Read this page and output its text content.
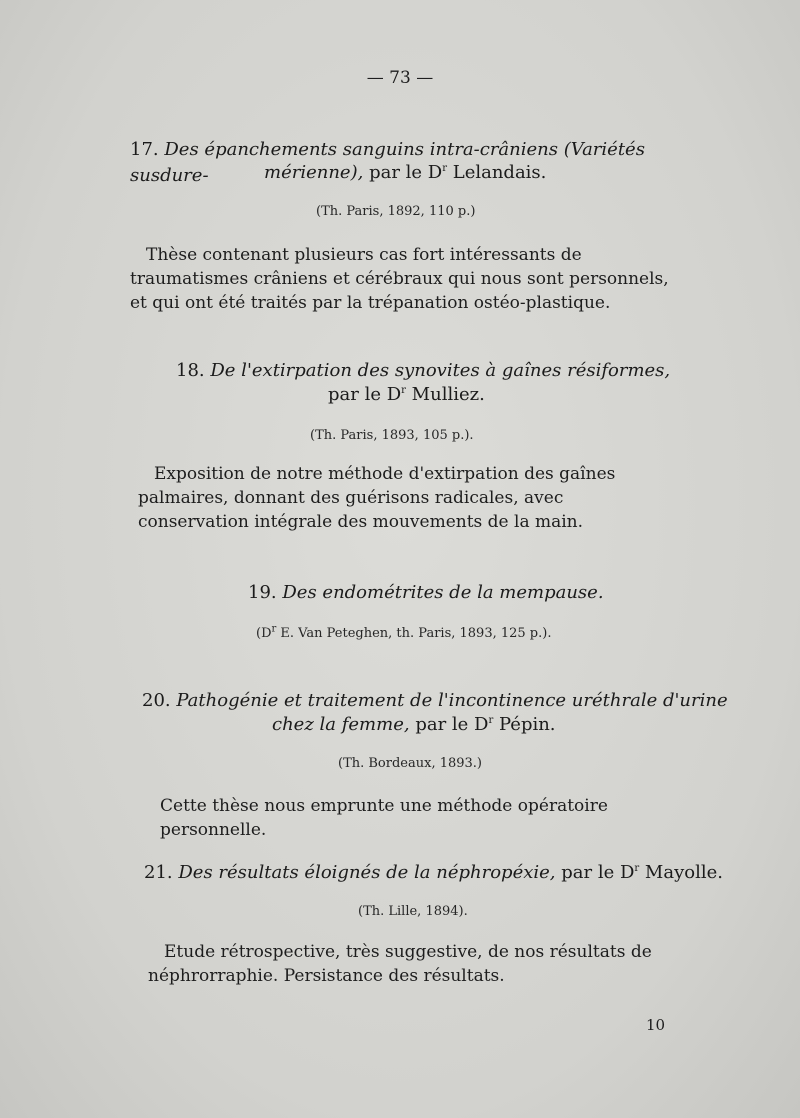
— 73 —
17. Des épanchements sanguins intra-crâniens (Variétés susdure-	mérienne), par le $D^r$ Lelandais.
(Th. Paris, 1892, 110 p.)
Thèse contenant plusieurs cas fort intéressants de traumatismes crâniens et cérébraux qui nous sont personnels, et qui ont été traités par la trépanation ostéo-plastique.
18. De l'extirpation des synovites à gaînes résiformes,
par le $D^r$ Mulliez.
(Th. Paris, 1893, 105 p.).
Exposition de notre méthode d'extirpation des gaînes palmaires, donnant des guérisons radicales, avec conservation intégrale des mouvements de la main.
19. Des endométrites de la mempause.
($D^r$ E. Van Peteghen, th. Paris, 1893, 125 p.).
20. Pathogénie et traitement de l'incontinence uréthrale d'urine
chez la femme, par le $D^r$ Pépin.
(Th. Bordeaux, 1893.)
Cette thèse nous emprunte une méthode opératoire personnelle.
21. Des résultats éloignés de la néphropéxie, par le $D^r$ Mayolle.
(Th. Lille, 1894).
Etude rétrospective, très suggestive, de nos résultats de néphrorraphie. Persistance des résultats.
10
